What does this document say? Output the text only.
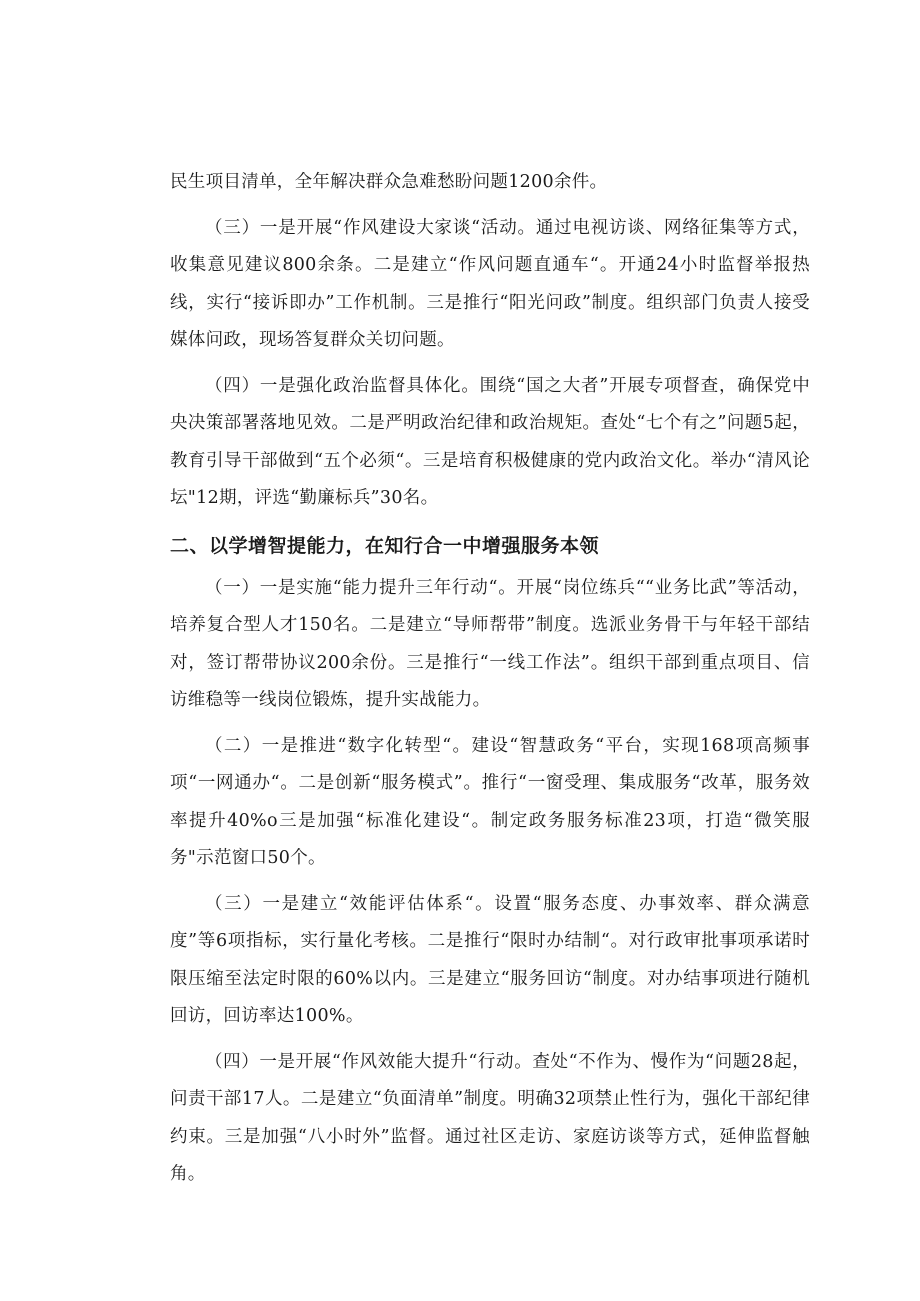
民生项目清单，全年解决群众急难愁盼问题1200余件。

（三）一是开展“作风建设大家谈“活动。通过电视访谈、网络征集等方式，收集意见建议800余条。二是建立“作风问题直通车“。开通24小时监督举报热线，实行“接诉即办”工作机制。三是推行“阳光问政”制度。组织部门负责人接受媒体问政，现场答复群众关切问题。

（四）一是强化政治监督具体化。围绕“国之大者”开展专项督查，确保党中央决策部署落地见效。二是严明政治纪律和政治规矩。查处“七个有之”问题5起，教育引导干部做到“五个必须“。三是培育积极健康的党内政治文化。举办“清风论坛"12期，评选“勤廉标兵”30名。

二、以学增智提能力，在知行合一中增强服务本领

（一）一是实施“能力提升三年行动“。开展“岗位练兵““业务比武”等活动，培养复合型人才150名。二是建立“导师帮带”制度。选派业务骨干与年轻干部结对，签订帮带协议200余份。三是推行“一线工作法”。组织干部到重点项目、信访维稳等一线岗位锻炼，提升实战能力。

（二）一是推进“数字化转型“。建设“智慧政务“平台，实现168项高频事项“一网通办“。二是创新“服务模式”。推行“一窗受理、集成服务“改革，服务效率提升40%o三是加强“标准化建设“。制定政务服务标准23项，打造“微笑服务"示范窗口50个。

（三）一是建立“效能评估体系“。设置“服务态度、办事效率、群众满意度”等6项指标，实行量化考核。二是推行“限时办结制“。对行政审批事项承诺时限压缩至法定时限的60%以内。三是建立“服务回访“制度。对办结事项进行随机回访，回访率达100%。

（四）一是开展“作风效能大提升“行动。查处“不作为、慢作为“问题28起，问责干部17人。二是建立“负面清单”制度。明确32项禁止性行为，强化干部纪律约束。三是加强“八小时外”监督。通过社区走访、家庭访谈等方式，延伸监督触角。
